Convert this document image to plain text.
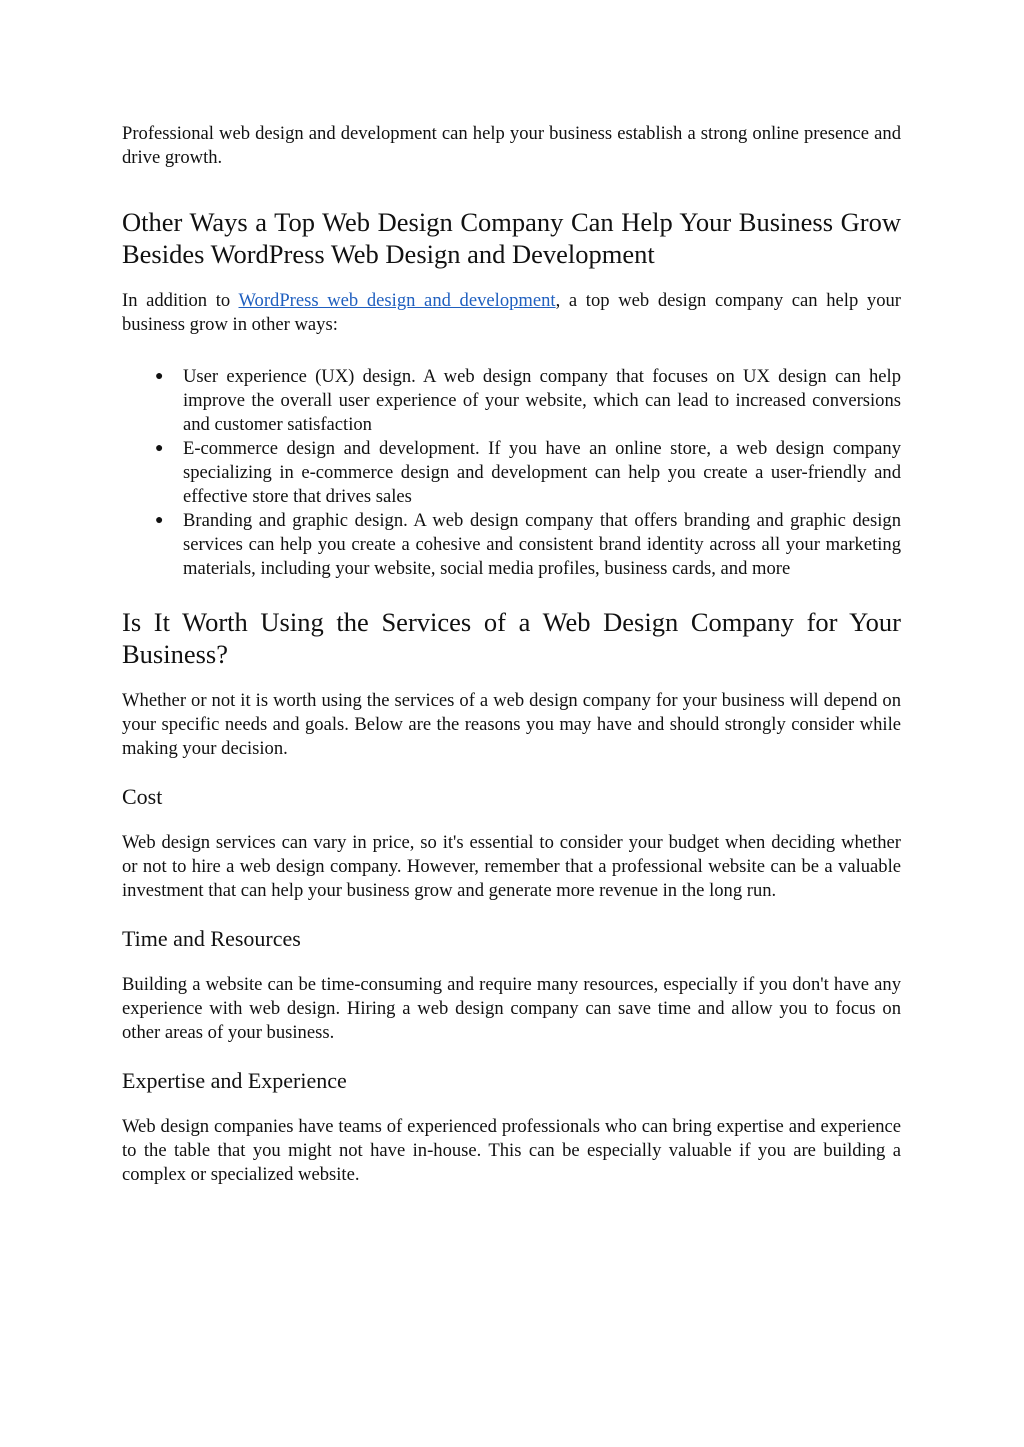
Professional web design and development can help your business establish a strong online presence and drive growth.

Other Ways a Top Web Design Company Can Help Your Business Grow Besides WordPress Web Design and Development

In addition to WordPress web design and development, a top web design company can help your business grow in other ways:

● User experience (UX) design. A web design company that focuses on UX design can help improve the overall user experience of your website, which can lead to increased conversions and customer satisfaction
● E-commerce design and development. If you have an online store, a web design company specializing in e-commerce design and development can help you create a user-friendly and effective store that drives sales
● Branding and graphic design. A web design company that offers branding and graphic design services can help you create a cohesive and consistent brand identity across all your marketing materials, including your website, social media profiles, business cards, and more
Is It Worth Using the Services of a Web Design Company for Your Business?

Whether or not it is worth using the services of a web design company for your business will depend on your specific needs and goals. Below are the reasons you may have and should strongly consider while making your decision.

Cost

Web design services can vary in price, so it's essential to consider your budget when deciding whether or not to hire a web design company. However, remember that a professional website can be a valuable investment that can help your business grow and generate more revenue in the long run.

Time and Resources

Building a website can be time-consuming and require many resources, especially if you don't have any experience with web design. Hiring a web design company can save time and allow you to focus on other areas of your business.

Expertise and Experience

Web design companies have teams of experienced professionals who can bring expertise and experience to the table that you might not have in-house. This can be especially valuable if you are building a complex or specialized website.
